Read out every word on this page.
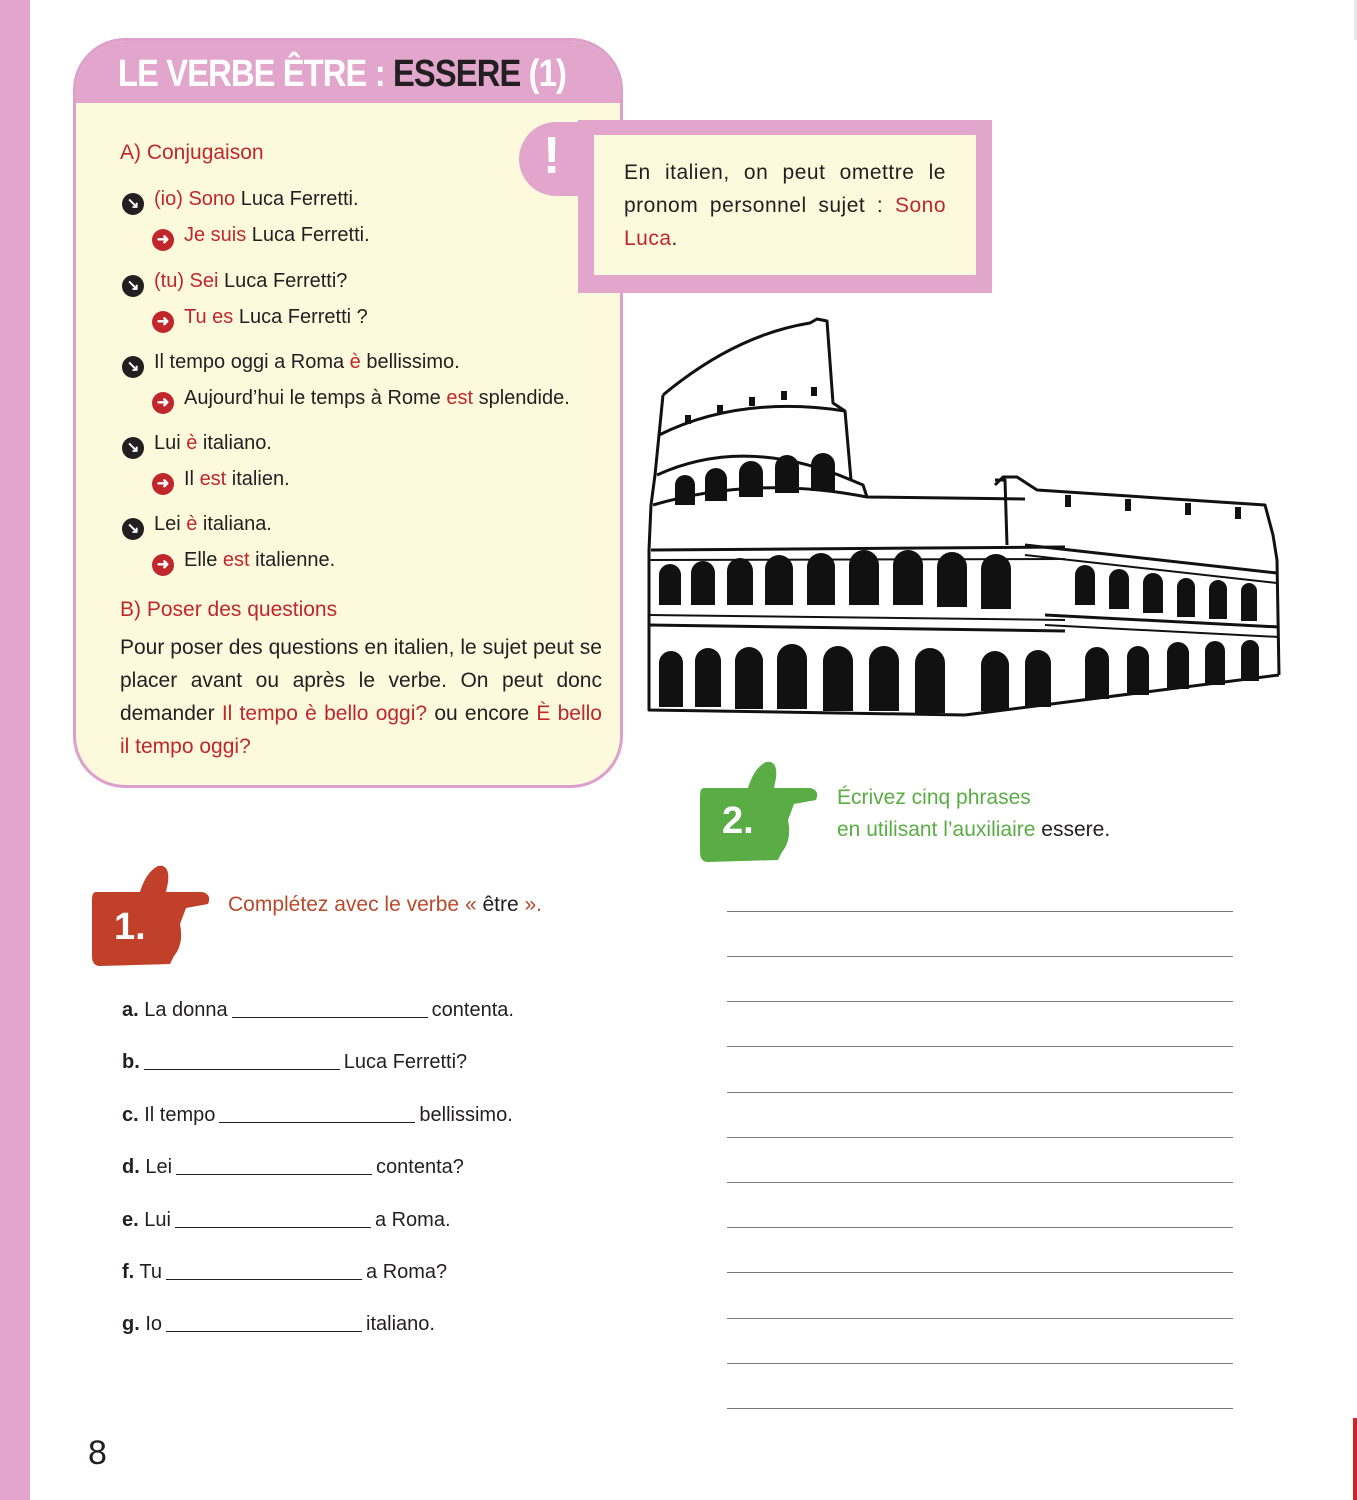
LE VERBE ÊTRE : ESSERE (1)
A) Conjugaison
↘ (io) Sono Luca Ferretti.
➜ Je suis Luca Ferretti.
↘ (tu) Sei Luca Ferretti?
➜ Tu es Luca Ferretti ?
↘ Il tempo oggi a Roma è bellissimo.
➜ Aujourd’hui le temps à Rome est splendide.
↘ Lui è italiano.
➜ Il est italien.
↘ Lei è italiana.
➜ Elle est italienne.
B) Poser des questions
Pour poser des questions en italien, le sujet peut se placer avant ou après le verbe. On peut donc demander Il tempo è bello oggi? ou encore È bello il tempo oggi?
En italien, on peut omettre le pronom personnel sujet : Sono Luca.
!
2.
Écrivez cinq phrases
en utilisant l’auxiliaire essere.
1.
Complétez avec le verbe « être ».
a. La donna	contenta.
b.	Luca Ferretti?
c. Il tempo	bellissimo.
d. Lei	contenta?
e. Lui	a Roma.
f. Tu	a Roma?
g. Io	italiano.
8
